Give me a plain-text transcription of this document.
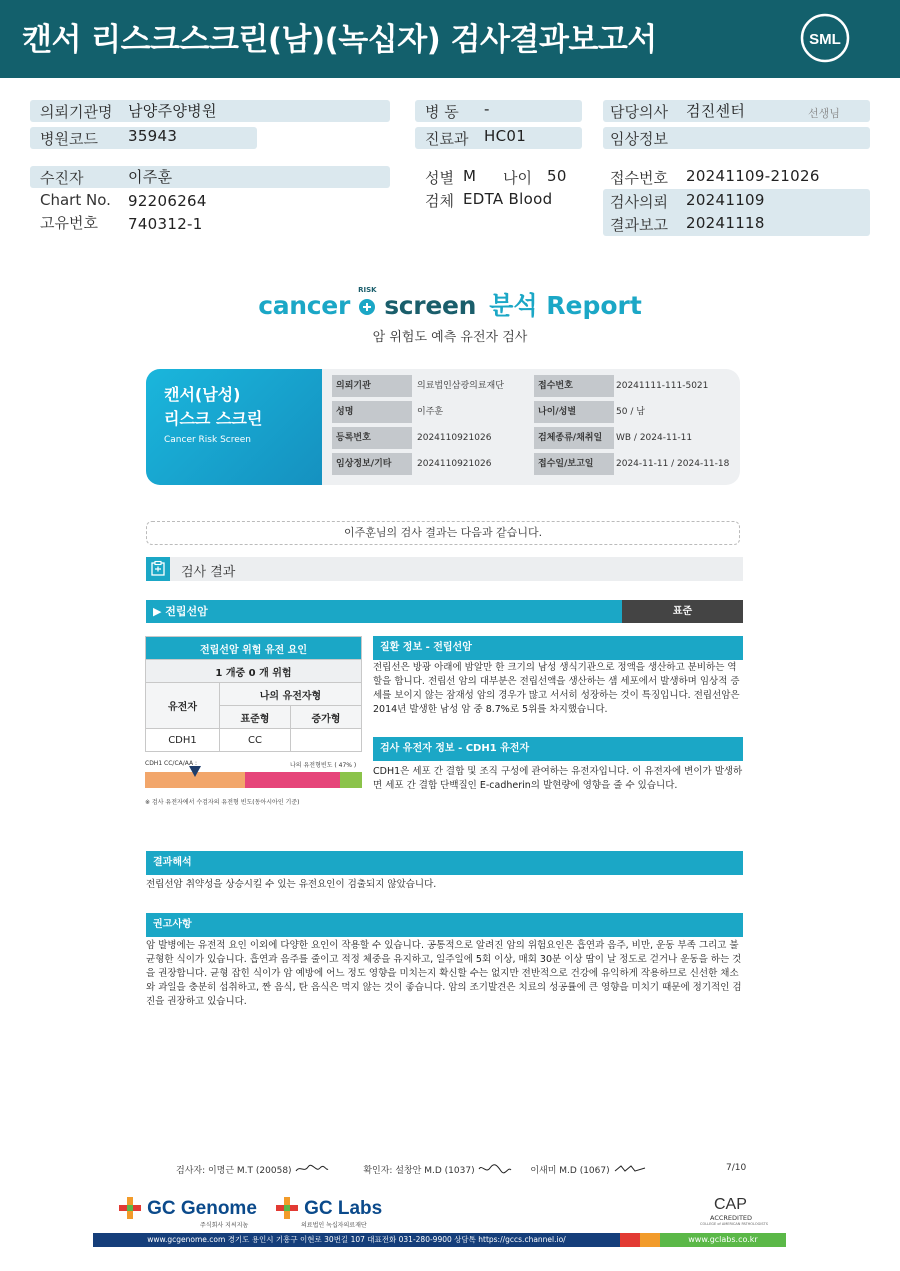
캔서 리스크스크린(남)(녹십자) 검사결과보고서	SML
의뢰기관명 남양주양병원
병원코드 35943
병 동 -
진료과 HC01
담당의사 검진센터	선생님
임상정보
수진자	이주훈
Chart No. 92206264
고유번호 740312-1
성별 M 나이 50
검체 EDTA Blood
접수번호 20241109-21026
검사의뢰 20241109
결과보고 20241118
cancer
RISK
screen 분석 Report
암 위험도 예측 유전자 검사
캔서(남성)
리스크 스크린
Cancer Risk Screen
의뢰기관	의료법인삼광의료재단	접수번호	20241111-111-5021
성명	이주훈	나이/성별	50 / 남
등록번호	2024110921026	검체종류/채취일	WB / 2024-11-11
임상정보/기타	2024110921026	접수일/보고일	2024-11-11 / 2024-11-18
이주훈님의 검사 결과는 다음과 같습니다.
검사 결과
▶ 전립선암	표준
전립선암 위험 유전 요인		
1 개중 0 개 위험		
유전자	나의 유전자형	
	표준형	증가형
CDH1	CC	
CDH1 CC/CA/AA :	나의 유전형빈도 ( 47% )
※ 검사 유전자에서 수검자의 유전형 빈도(동아시아인 기준)
질환 정보 - 전립선암
전립선은 방광 아래에 밤알만 한 크기의 남성 생식기관으로 정액을 생산하고 분비하는 역할을 합니다. 전립선 암의 대부분은 전립선액을 생산하는 샘 세포에서 발생하며 임상적 증세를 보이지 않는 잠재성 암의 경우가 많고 서서히 성장하는 것이 특징입니다. 전립선암은 2014년 발생한 남성 암 중 8.7%로 5위를 차지했습니다.
검사 유전자 정보 - CDH1 유전자
CDH1은 세포 간 결합 및 조직 구성에 관여하는 유전자입니다. 이 유전자에 변이가 발생하면 세포 간 결합 단백질인 E-cadherin의 발현량에 영향을 줄 수 있습니다.
결과해석
전립선암 취약성을 상승시킬 수 있는 유전요인이 검출되지 않았습니다.
권고사항
암 발병에는 유전적 요인 이외에 다양한 요인이 작용할 수 있습니다. 공통적으로 알려진 암의 위험요인은 흡연과 음주, 비만, 운동 부족 그리고 불균형한 식이가 있습니다. 흡연과 음주를 줄이고 적정 체중을 유지하고, 일주일에 5회 이상, 매회 30분 이상 땀이 날 정도로 걷거나 운동을 하는 것을 권장합니다. 균형 잡힌 식이가 암 예방에 어느 정도 영향을 미치는지 확신할 수는 없지만 전반적으로 건강에 유익하게 작용하므로 신선한 채소와 과일을 충분히 섭취하고, 짠 음식, 탄 음식은 먹지 않는 것이 좋습니다. 암의 조기발견은 치료의 성공률에 큰 영향을 미치기 때문에 정기적인 검진을 권장하고 있습니다.
검사자: 이명근 M.T (20058)	확인자: 설창안 M.D (1037)	이새미 M.D (1067)	7/10
GC Genome
주식회사 지씨지놈
GC Labs
의료법인 녹십자의료재단
CAP
ACCREDITED
COLLEGE of AMERICAN PATHOLOGISTS
www.gcgenome.com 경기도 용인시 기흥구 이현로 30번길 107 대표전화 031-280-9900 상담톡 https://gccs.channel.io/	www.gclabs.co.kr
